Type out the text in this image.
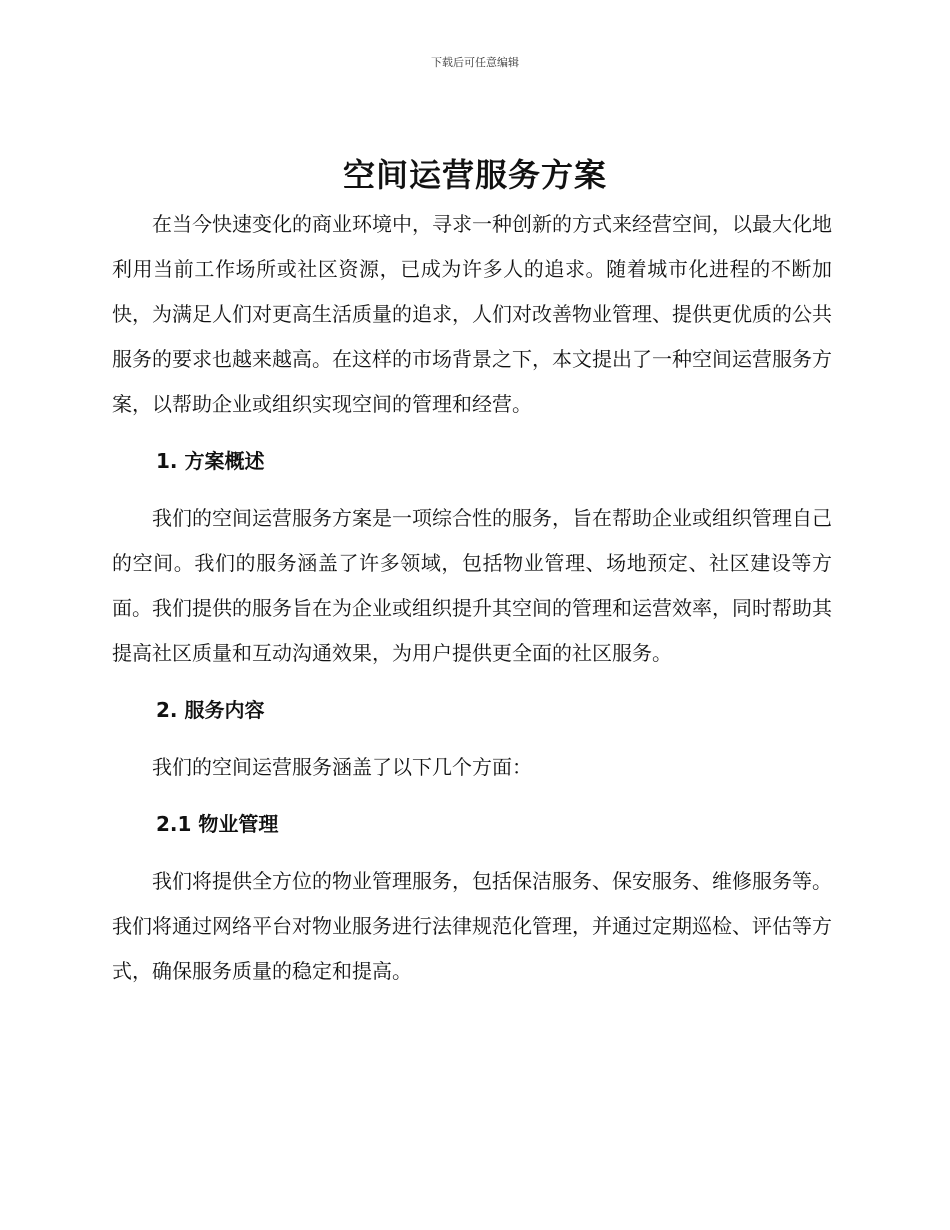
下载后可任意编辑
空间运营服务方案

在当今快速变化的商业环境中，寻求一种创新的方式来经营空间，以最大化地利用当前工作场所或社区资源，已成为许多人的追求。随着城市化进程的不断加快，为满足人们对更高生活质量的追求，人们对改善物业管理、提供更优质的公共服务的要求也越来越高。在这样的市场背景之下，本文提出了一种空间运营服务方案，以帮助企业或组织实现空间的管理和经营。

1. 方案概述

我们的空间运营服务方案是一项综合性的服务，旨在帮助企业或组织管理自己的空间。我们的服务涵盖了许多领域，包括物业管理、场地预定、社区建设等方面。我们提供的服务旨在为企业或组织提升其空间的管理和运营效率，同时帮助其提高社区质量和互动沟通效果，为用户提供更全面的社区服务。

2. 服务内容

我们的空间运营服务涵盖了以下几个方面：

2.1 物业管理

我们将提供全方位的物业管理服务，包括保洁服务、保安服务、维修服务等。我们将通过网络平台对物业服务进行法律规范化管理，并通过定期巡检、评估等方式，确保服务质量的稳定和提高。
